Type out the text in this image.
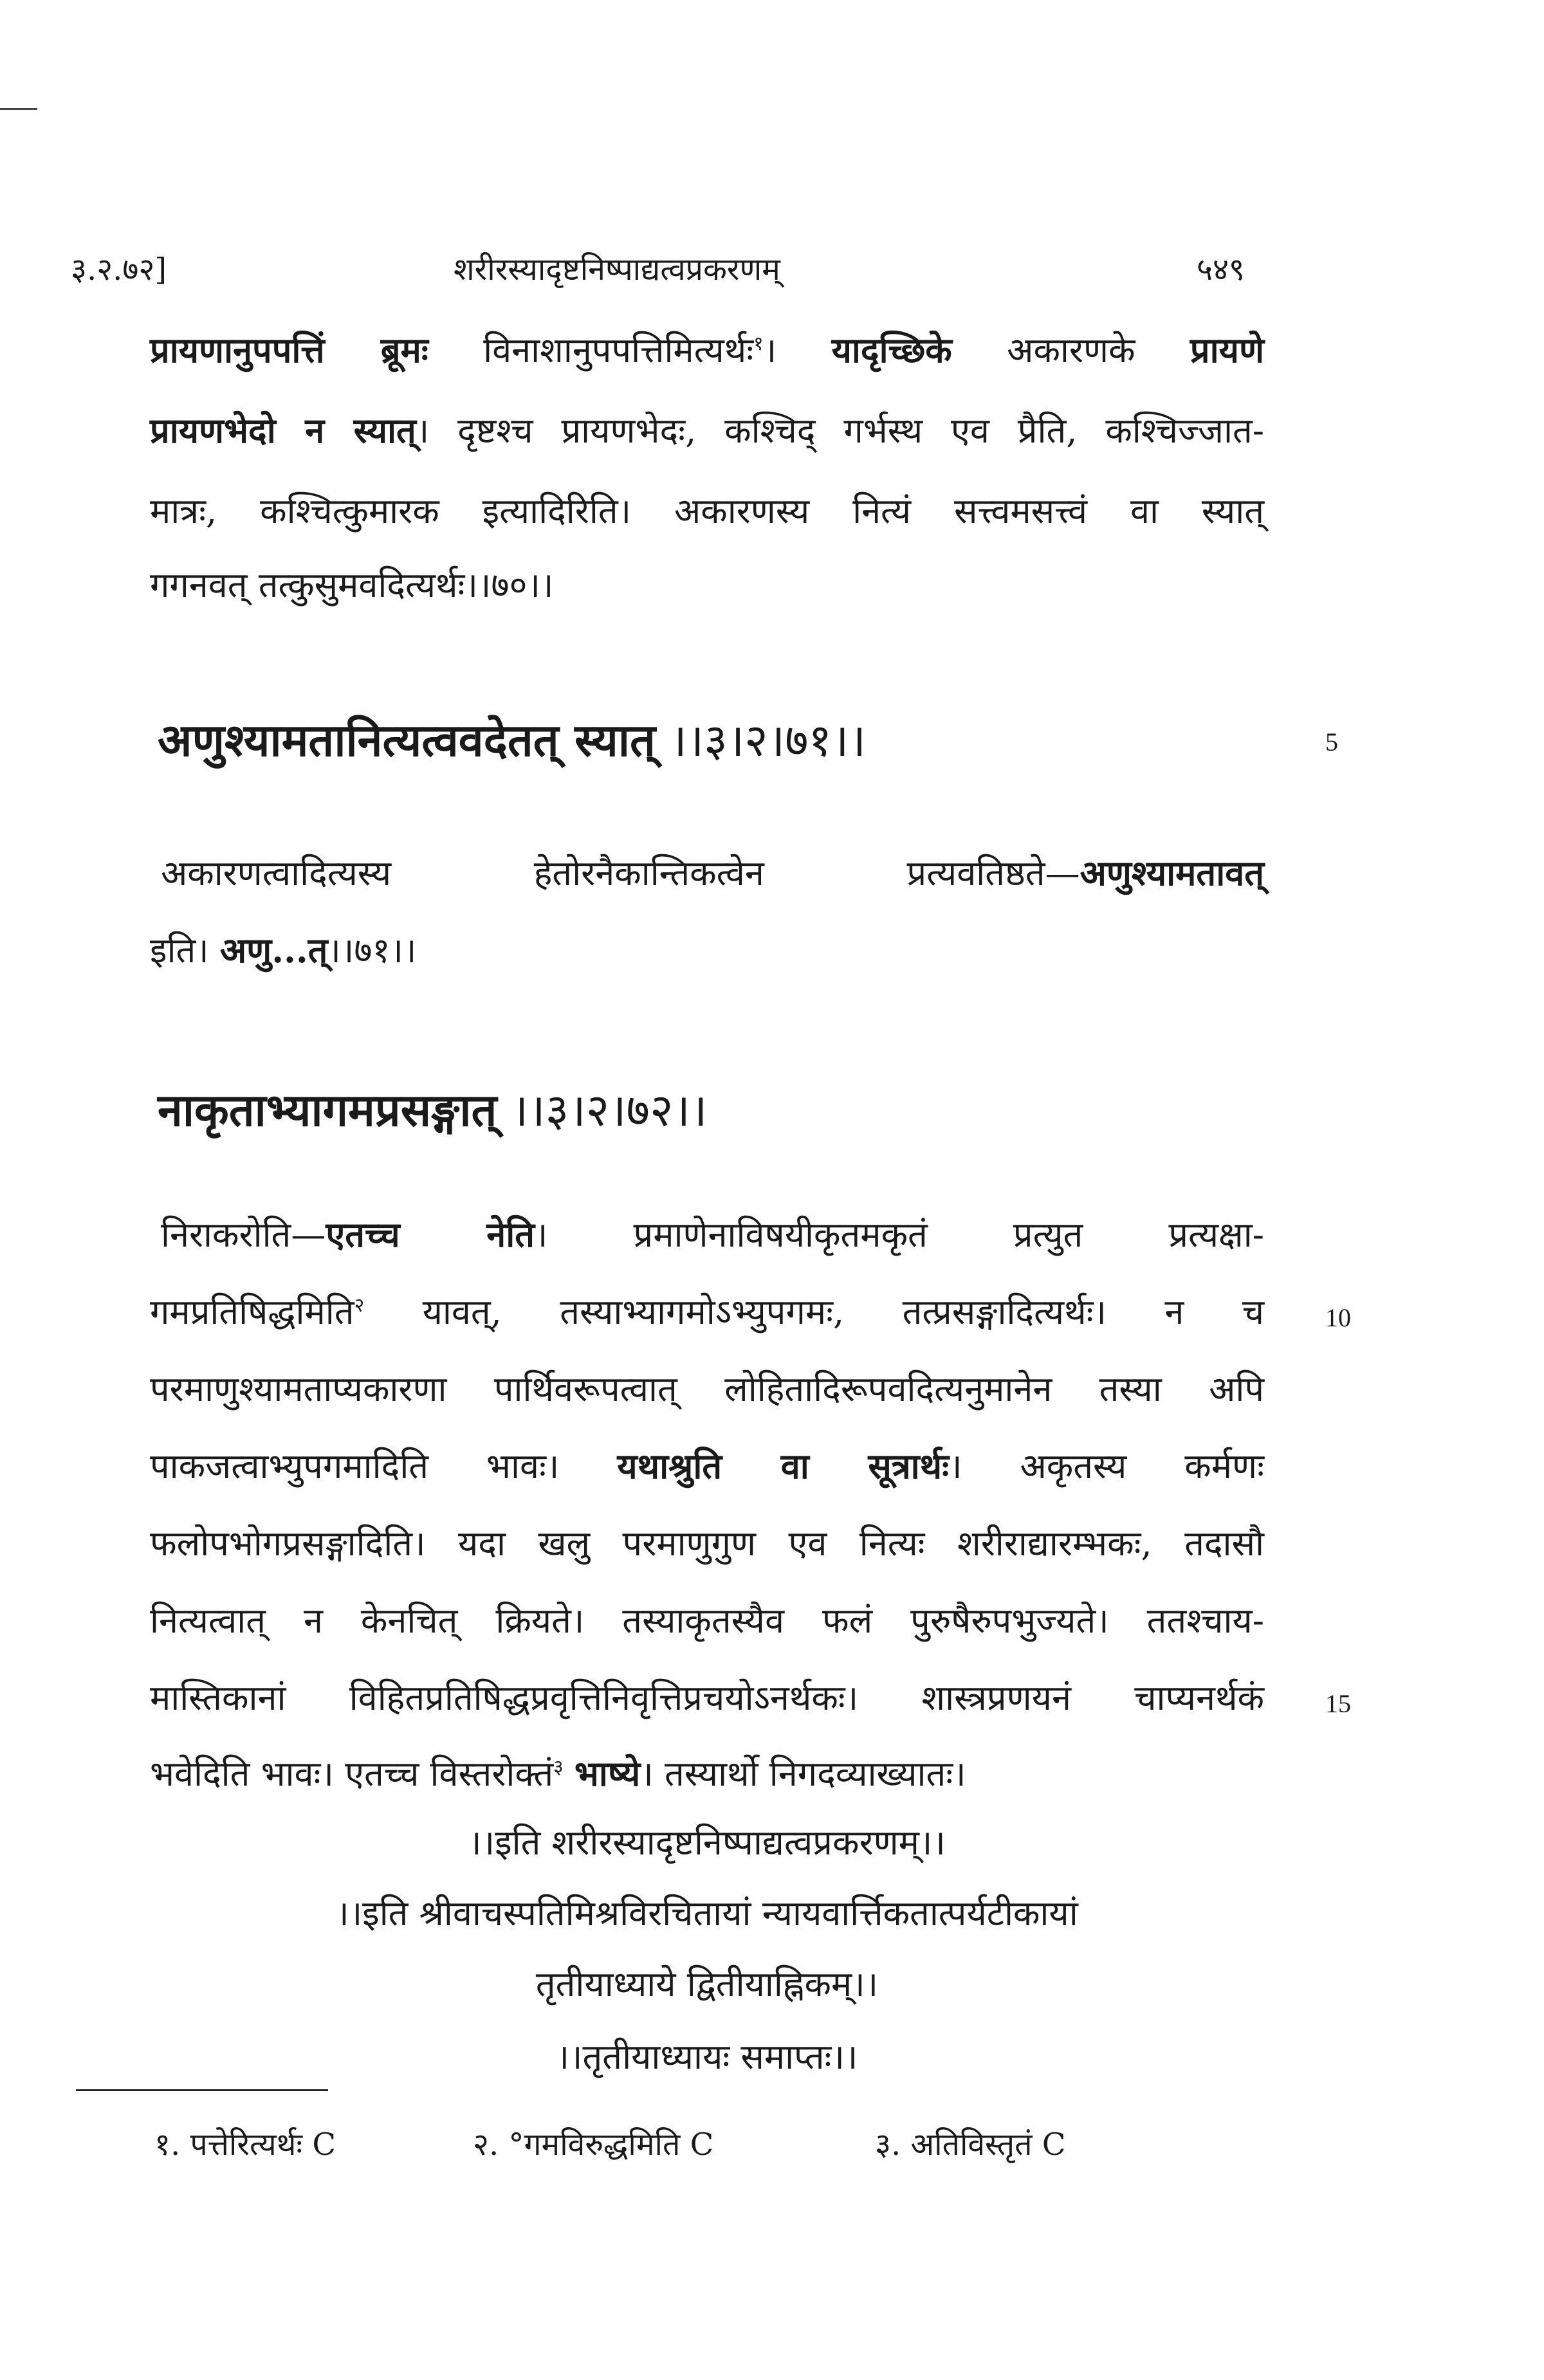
३.२.७२]	शरीरस्यादृष्टनिष्पाद्यत्वप्रकरणम्	५४९
प्रायणानुपपत्तिं ब्रूमः विनाशानुपपत्तिमित्यर्थः$^१$। यादृच्छिके अकारणके प्रायणे
प्रायणभेदो न स्यात्। दृष्टश्च प्रायणभेदः, कश्चिद् गर्भस्थ एव प्रैति, कश्चिज्जात-
मात्रः, कश्चित्कुमारक इत्यादिरिति। अकारणस्य नित्यं सत्त्वमसत्त्वं वा स्यात्
गगनवत् तत्कुसुमवदित्यर्थः।।७०।।
अणुश्यामतानित्यत्ववदेतत् स्यात् ।।३।२।७१।।	5
अकारणत्वादित्यस्य हेतोरनैकान्तिकत्वेन प्रत्यवतिष्ठते—अणुश्यामतावत्
इति। अणु...त्।।७१।।
नाकृताभ्यागमप्रसङ्गात् ।।३।२।७२।।
निराकरोति—एतच्च नेति। प्रमाणेनाविषयीकृतमकृतं प्रत्युत प्रत्यक्षा-
गमप्रतिषिद्धमिति$^२$ यावत्, तस्याभ्यागमोऽभ्युपगमः, तत्प्रसङ्गादित्यर्थः। न च 10
परमाणुश्यामताप्यकारणा पार्थिवरूपत्वात् लोहितादिरूपवदित्यनुमानेन तस्या अपि
पाकजत्वाभ्युपगमादिति भावः। यथाश्रुति वा सूत्रार्थः। अकृतस्य कर्मणः
फलोपभोगप्रसङ्गादिति। यदा खलु परमाणुगुण एव नित्यः शरीराद्यारम्भकः, तदासौ
नित्यत्वात् न केनचित् क्रियते। तस्याकृतस्यैव फलं पुरुषैरुपभुज्यते। ततश्चाय-
मास्तिकानां विहितप्रतिषिद्धप्रवृत्तिनिवृत्तिप्रचयोऽनर्थकः। शास्त्रप्रणयनं चाप्यनर्थकं 15
भवेदिति भावः। एतच्च विस्तरोक्तं$^३$ भाष्ये। तस्यार्थो निगदव्याख्यातः।
।।इति शरीरस्यादृष्टनिष्पाद्यत्वप्रकरणम्।।
।।इति श्रीवाचस्पतिमिश्रविरचितायां न्यायवार्त्तिकतात्पर्यटीकायां
तृतीयाध्याये द्वितीयाह्निकम्।।
।।तृतीयाध्यायः समाप्तः।।
१. पत्तेरित्यर्थः C	२. °गमविरुद्धमिति C	३. अतिविस्तृतं C
